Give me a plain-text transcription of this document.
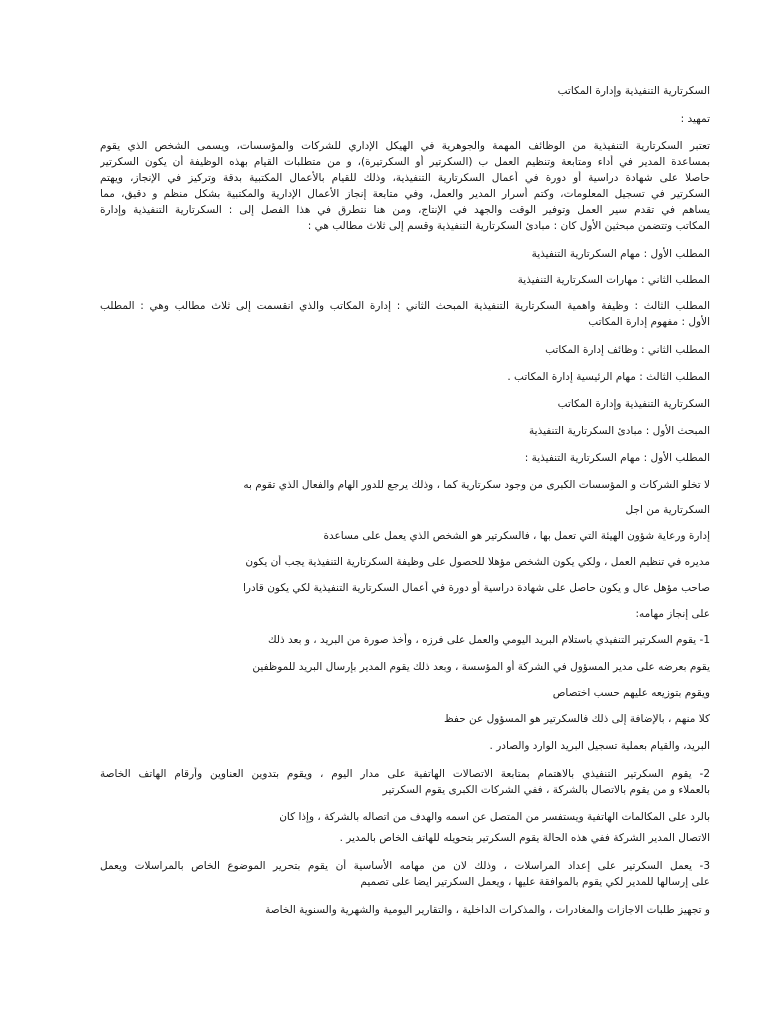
السكرتارية التنفيذية وإدارة المكاتب
تمهيد :
تعتبر السكرتارية التنفيذية من الوظائف المهمة والجوهرية في الهيكل الإداري للشركات والمؤسسات، ويسمى الشخص الذي يقوم
بمساعدة المدير في أداء ومتابعة وتنظيم العمل ب (السكرتير أو السكرتيرة)، و من متطلبات القيام بهذه الوظيفة أن يكون السكرتير
حاصلا على شهادة دراسية أو دورة في أعمال السكرتارية التنفيذية، وذلك للقيام بالأعمال المكتبية بدقة وتركيز في الإنجاز، ويهتم
السكرتير في تسجيل المعلومات، وكتم أسرار المدير والعمل، وفي متابعة إنجاز الأعمال الإدارية والمكتبية بشكل منظم و دقيق، مما
يساهم في تقدم سير العمل وتوفير الوقت والجهد في الإنتاج، ومن هنا نتطرق في هذا الفصل إلى : السكرتارية التنفيذية وإدارة
المكاتب وتتضمن مبحثين الأول كان : مبادئ السكرتارية التنفيذية وقسم إلى ثلاث مطالب هي :
المطلب الأول : مهام السكرتارية التنفيذية
المطلب الثاني : مهارات السكرتارية التنفيذية
المطلب الثالث : وظيفة واهمية السكرتارية التنفيذية المبحث الثاني : إدارة المكاتب والذي انقسمت إلى ثلاث مطالب وهي : المطلب
الأول : مفهوم إدارة المكاتب
المطلب الثاني : وظائف إدارة المكاتب
المطلب الثالث : مهام الرئيسية إدارة المكاتب .
السكرتارية التنفيذية وإدارة المكاتب
المبحث الأول : مبادئ السكرتارية التنفيذية
المطلب الأول : مهام السكرتارية التنفيذية :
لا تخلو الشركات و المؤسسات الكبرى من وجود سكرتارية كما ، وذلك يرجع للدور الهام والفعال الذي تقوم به
السكرتارية من اجل
إدارة ورعاية شؤون الهيئة التي تعمل بها ، فالسكرتير هو الشخص الذي يعمل على مساعدة
مديره في تنظيم العمل ، ولكي يكون الشخص مؤهلا للحصول على وظيفة السكرتارية التنفيذية يجب أن يكون
صاحب مؤهل عال و يكون حاصل على شهادة دراسية أو دورة في أعمال السكرتارية التنفيذية لكي يكون قادرا
على إنجاز مهامه:
1- يقوم السكرتير التنفيذي باستلام البريد اليومي والعمل على فرزه ، وأخذ صورة من البريد ، و بعد ذلك
يقوم بعرضه على مدير المسؤول في الشركة أو المؤسسة ، وبعد ذلك يقوم المدير بإرسال البريد للموظفين
ويقوم بتوزيعه عليهم حسب اختصاص
كلا منهم ، بالإضافة إلى ذلك فالسكرتير هو المسؤول عن حفظ
البريد، والقيام بعملية تسجيل البريد الوارد والصادر .
2- يقوم السكرتير التنفيذي بالاهتمام بمتابعة الاتصالات الهاتفية على مدار اليوم ، ويقوم بتدوين العناوين وأرقام الهاتف الخاصة
بالعملاء و من يقوم بالاتصال بالشركة ، ففي الشركات الكبرى يقوم السكرتير
بالرد على المكالمات الهاتفية ويستفسر من المتصل عن اسمه والهدف من اتصاله بالشركة ، وإذا كان
الاتصال المدير الشركة ففي هذه الحالة يقوم السكرتير بتحويله للهاتف الخاص بالمدير .
3- يعمل السكرتير على إعداد المراسلات ، وذلك لان من مهامه الأساسية أن يقوم بتحرير الموضوع الخاص بالمراسلات ويعمل
على إرسالها للمدير لكي يقوم بالموافقة عليها ، ويعمل السكرتير ايضا على تصميم
و تجهيز طلبات الاجازات والمغادرات ، والمذكرات الداخلية ، والتقارير اليومية والشهرية والسنوية الخاصة
